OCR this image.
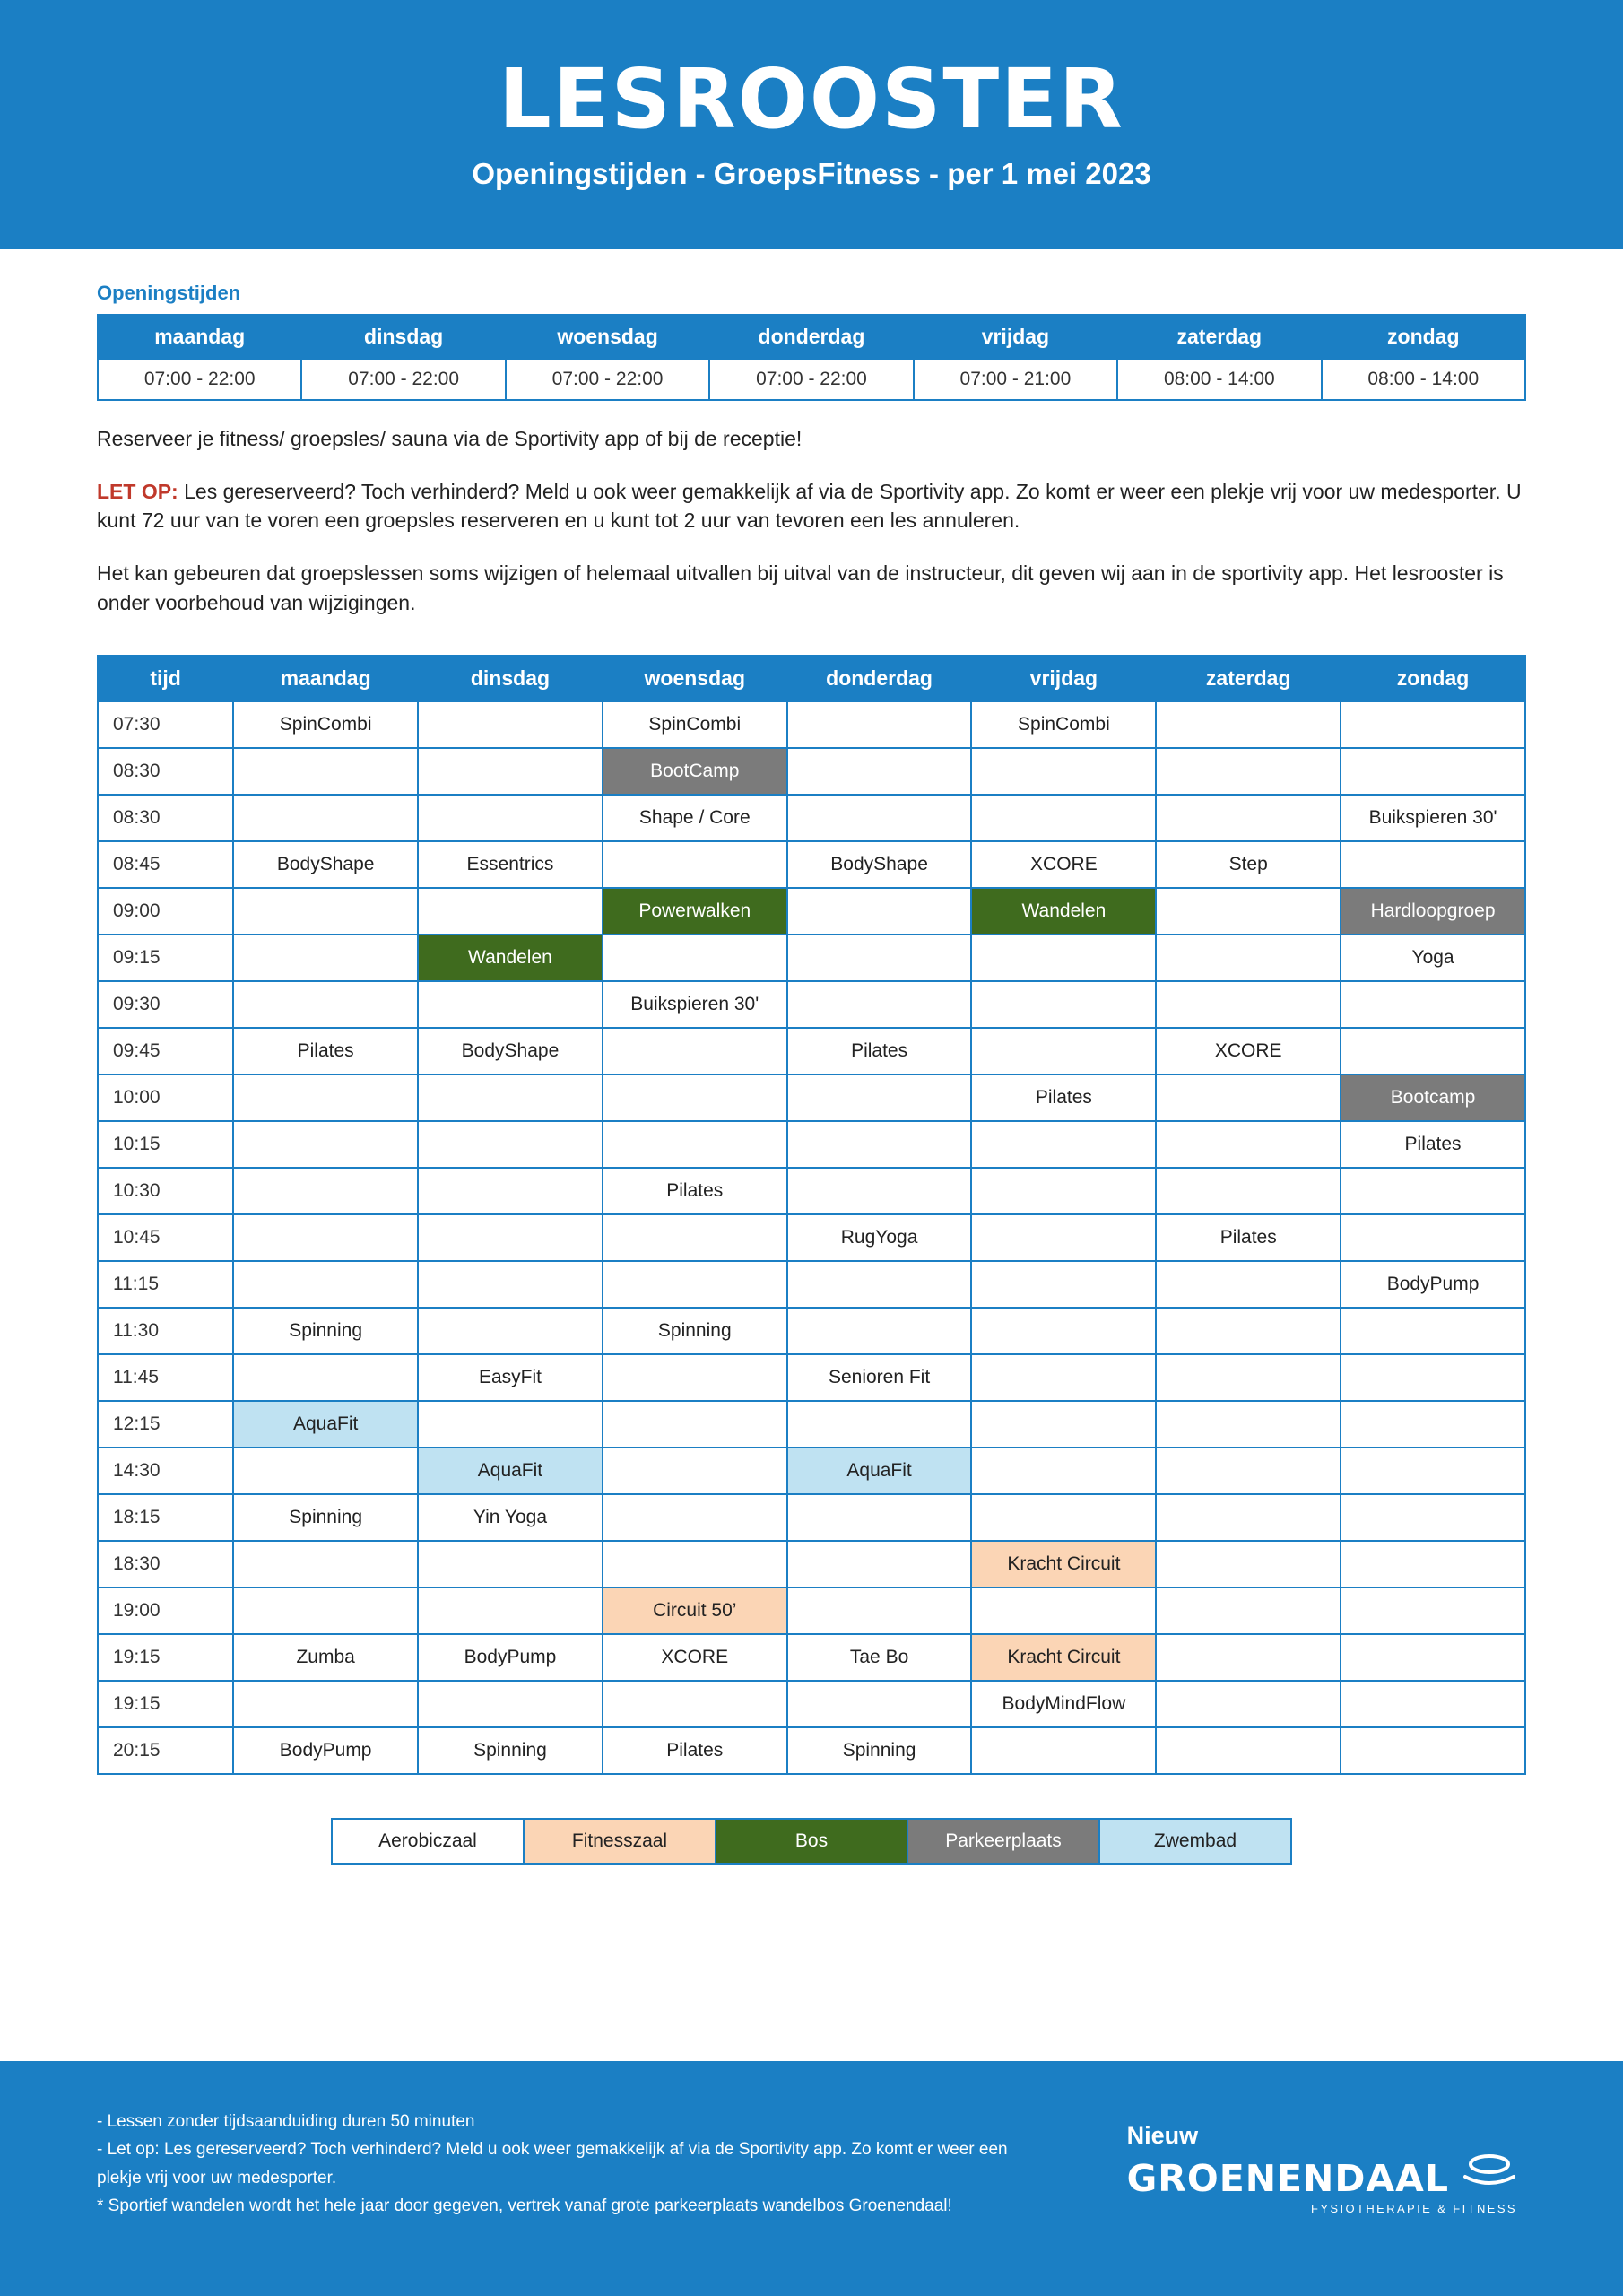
LESROOSTER
Openingstijden - GroepsFitness - per 1 mei 2023
Openingstijden
maandag	dinsdag	woensdag	donderdag	vrijdag	zaterdag	zondag
07:00 - 22:00	07:00 - 22:00	07:00 - 22:00	07:00 - 22:00	07:00 - 21:00	08:00 - 14:00	08:00 - 14:00

Reserveer je fitness/ groepsles/ sauna via de Sportivity app of bij de receptie!

LET OP: Les gereserveerd? Toch verhinderd? Meld u ook weer gemakkelijk af via de Sportivity app. Zo komt er weer een plekje vrij voor uw medesporter. U kunt 72 uur van te voren een groepsles reserveren en u kunt tot 2 uur van tevoren een les annuleren.

Het kan gebeuren dat groepslessen soms wijzigen of helemaal uitvallen bij uitval van de instructeur, dit geven wij aan in de sportivity app. Het lesrooster is onder voorbehoud van wijzigingen.

tijd	maandag	dinsdag	woensdag	donderdag	vrijdag	zaterdag	zondag
07:30	SpinCombi		SpinCombi		SpinCombi		

08:30			BootCamp				

08:30			Shape / Core				Buikspieren 30'

08:45	BodyShape	Essentrics		BodyShape	XCORE	Step	

09:00			Powerwalken		Wandelen		Hardloopgroep

09:15		Wandelen					Yoga

09:30			Buikspieren 30'				

09:45	Pilates	BodyShape		Pilates		XCORE	

10:00					Pilates		Bootcamp

10:15							Pilates

10:30			Pilates				

10:45				RugYoga		Pilates	

11:15							BodyPump

11:30	Spinning		Spinning				

11:45		EasyFit		Senioren Fit			

12:15	AquaFit						

14:30		AquaFit		AquaFit			

18:15	Spinning	Yin Yoga					

18:30					Kracht Circuit		

19:00			Circuit 50’				

19:15	Zumba	BodyPump	XCORE	Tae Bo	Kracht Circuit		

19:15					BodyMindFlow		

20:15	BodyPump	Spinning	Pilates	Spinning			

Aerobiczaal	Fitnesszaal	Bos	Parkeerplaats	Zwembad
- Lessen zonder tijdsaanduiding duren 50 minuten
- Let op: Les gereserveerd? Toch verhinderd? Meld u ook weer gemakkelijk af via de Sportivity app. Zo komt er weer een
plekje vrij voor uw medesporter.
* Sportief wandelen wordt het hele jaar door gegeven, vertrek vanaf grote parkeerplaats wandelbos Groenendaal!
Nieuw
GROENENDAAL
FYSIOTHERAPIE & FITNESS
